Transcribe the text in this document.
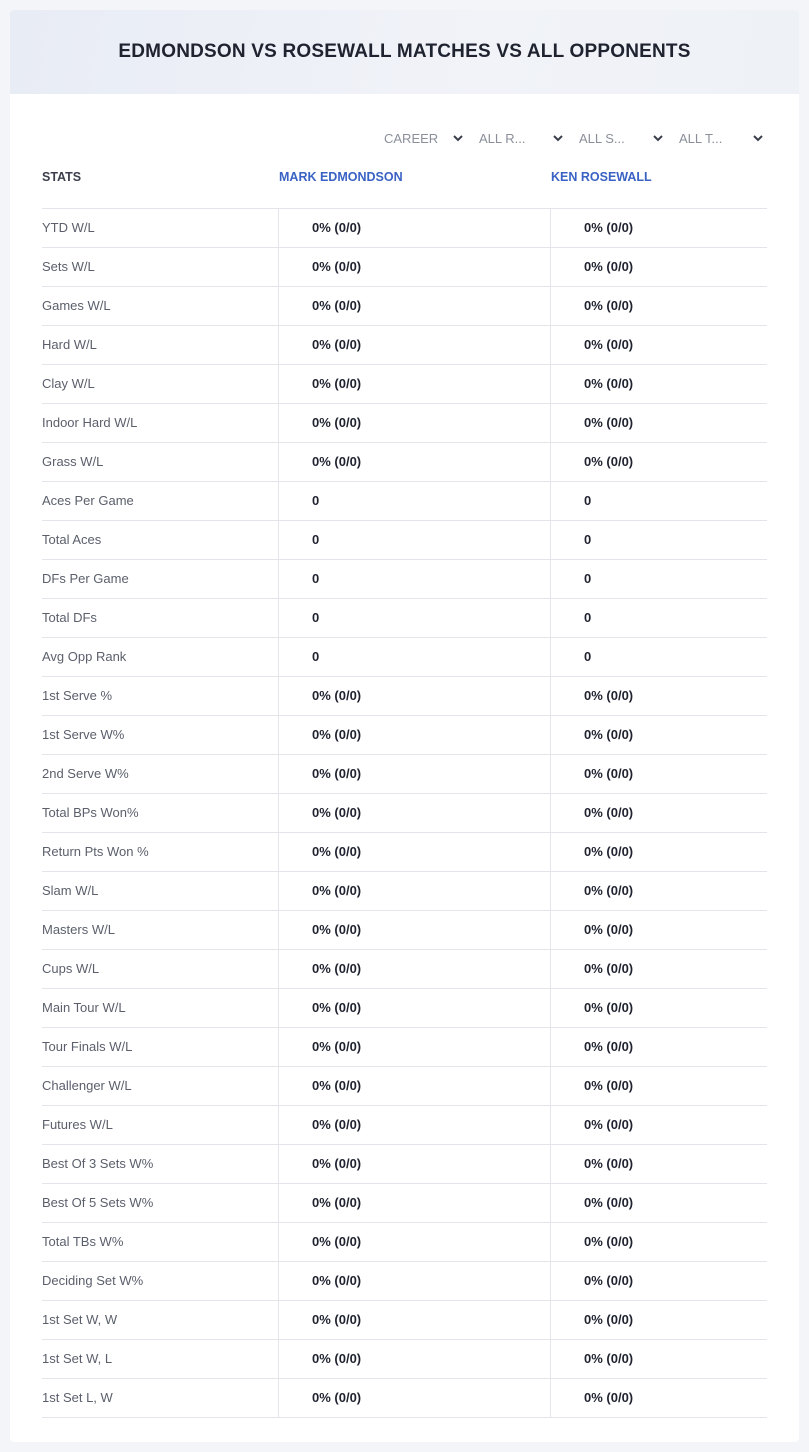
EDMONDSON VS ROSEWALL MATCHES VS ALL OPPONENTS
CAREER	ALL R...	ALL S...	ALL T...
STATS	MARK EDMONDSON	KEN ROSEWALL
YTD W/L	0% (0/0)	0% (0/0)
Sets W/L	0% (0/0)	0% (0/0)
Games W/L	0% (0/0)	0% (0/0)
Hard W/L	0% (0/0)	0% (0/0)
Clay W/L	0% (0/0)	0% (0/0)
Indoor Hard W/L	0% (0/0)	0% (0/0)
Grass W/L	0% (0/0)	0% (0/0)
Aces Per Game	0	0
Total Aces	0	0
DFs Per Game	0	0
Total DFs	0	0
Avg Opp Rank	0	0
1st Serve %	0% (0/0)	0% (0/0)
1st Serve W%	0% (0/0)	0% (0/0)
2nd Serve W%	0% (0/0)	0% (0/0)
Total BPs Won%	0% (0/0)	0% (0/0)
Return Pts Won %	0% (0/0)	0% (0/0)
Slam W/L	0% (0/0)	0% (0/0)
Masters W/L	0% (0/0)	0% (0/0)
Cups W/L	0% (0/0)	0% (0/0)
Main Tour W/L	0% (0/0)	0% (0/0)
Tour Finals W/L	0% (0/0)	0% (0/0)
Challenger W/L	0% (0/0)	0% (0/0)
Futures W/L	0% (0/0)	0% (0/0)
Best Of 3 Sets W%	0% (0/0)	0% (0/0)
Best Of 5 Sets W%	0% (0/0)	0% (0/0)
Total TBs W%	0% (0/0)	0% (0/0)
Deciding Set W%	0% (0/0)	0% (0/0)
1st Set W, W	0% (0/0)	0% (0/0)
1st Set W, L	0% (0/0)	0% (0/0)
1st Set L, W	0% (0/0)	0% (0/0)
